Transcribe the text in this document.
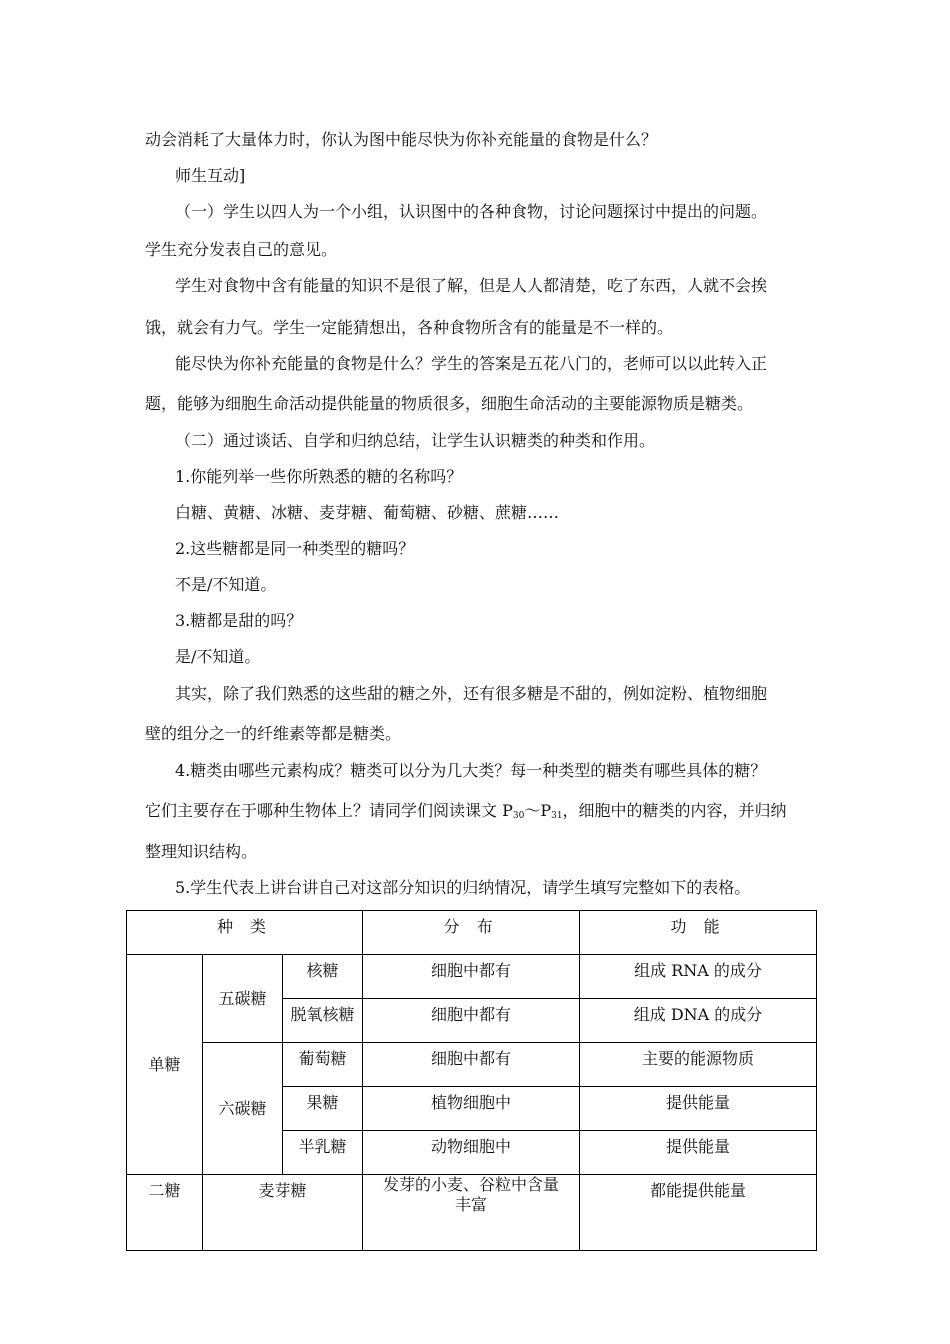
动会消耗了大量体力时，你认为图中能尽快为你补充能量的食物是什么？
师生互动]
（一）学生以四人为一个小组，认识图中的各种食物，讨论问题探讨中提出的问题。
学生充分发表自己的意见。
学生对食物中含有能量的知识不是很了解，但是人人都清楚，吃了东西，人就不会挨
饿，就会有力气。学生一定能猜想出，各种食物所含有的能量是不一样的。
能尽快为你补充能量的食物是什么？学生的答案是五花八门的，老师可以以此转入正
题，能够为细胞生命活动提供能量的物质很多，细胞生命活动的主要能源物质是糖类。
（二）通过谈话、自学和归纳总结，让学生认识糖类的种类和作用。
1.你能列举一些你所熟悉的糖的名称吗？
白糖、黄糖、冰糖、麦芽糖、葡萄糖、砂糖、蔗糖……
2.这些糖都是同一种类型的糖吗？
不是/不知道。
3.糖都是甜的吗？
是/不知道。
其实，除了我们熟悉的这些甜的糖之外，还有很多糖是不甜的，例如淀粉、植物细胞
壁的组分之一的纤维素等都是糖类。
4.糖类由哪些元素构成？糖类可以分为几大类？每一种类型的糖类有哪些具体的糖？
它们主要存在于哪种生物体上？请同学们阅读课文 $P_{30}\sim P_{31}$，细胞中的糖类的内容，并归纳
整理知识结构。
5.学生代表上讲台讲自己对这部分知识的归纳情况，请学生填写完整如下的表格。
种 类			分 布	功 能
单糖	五碳糖	核糖	细胞中都有	组成 RNA 的成分
		脱氧核糖	细胞中都有	组成 DNA 的成分
	六碳糖	葡萄糖	细胞中都有	主要的能源物质
		果糖	植物细胞中	提供能量
		半乳糖	动物细胞中	提供能量
二糖	麦芽糖		发芽的小麦、谷粒中含量
丰富	都能提供能量
